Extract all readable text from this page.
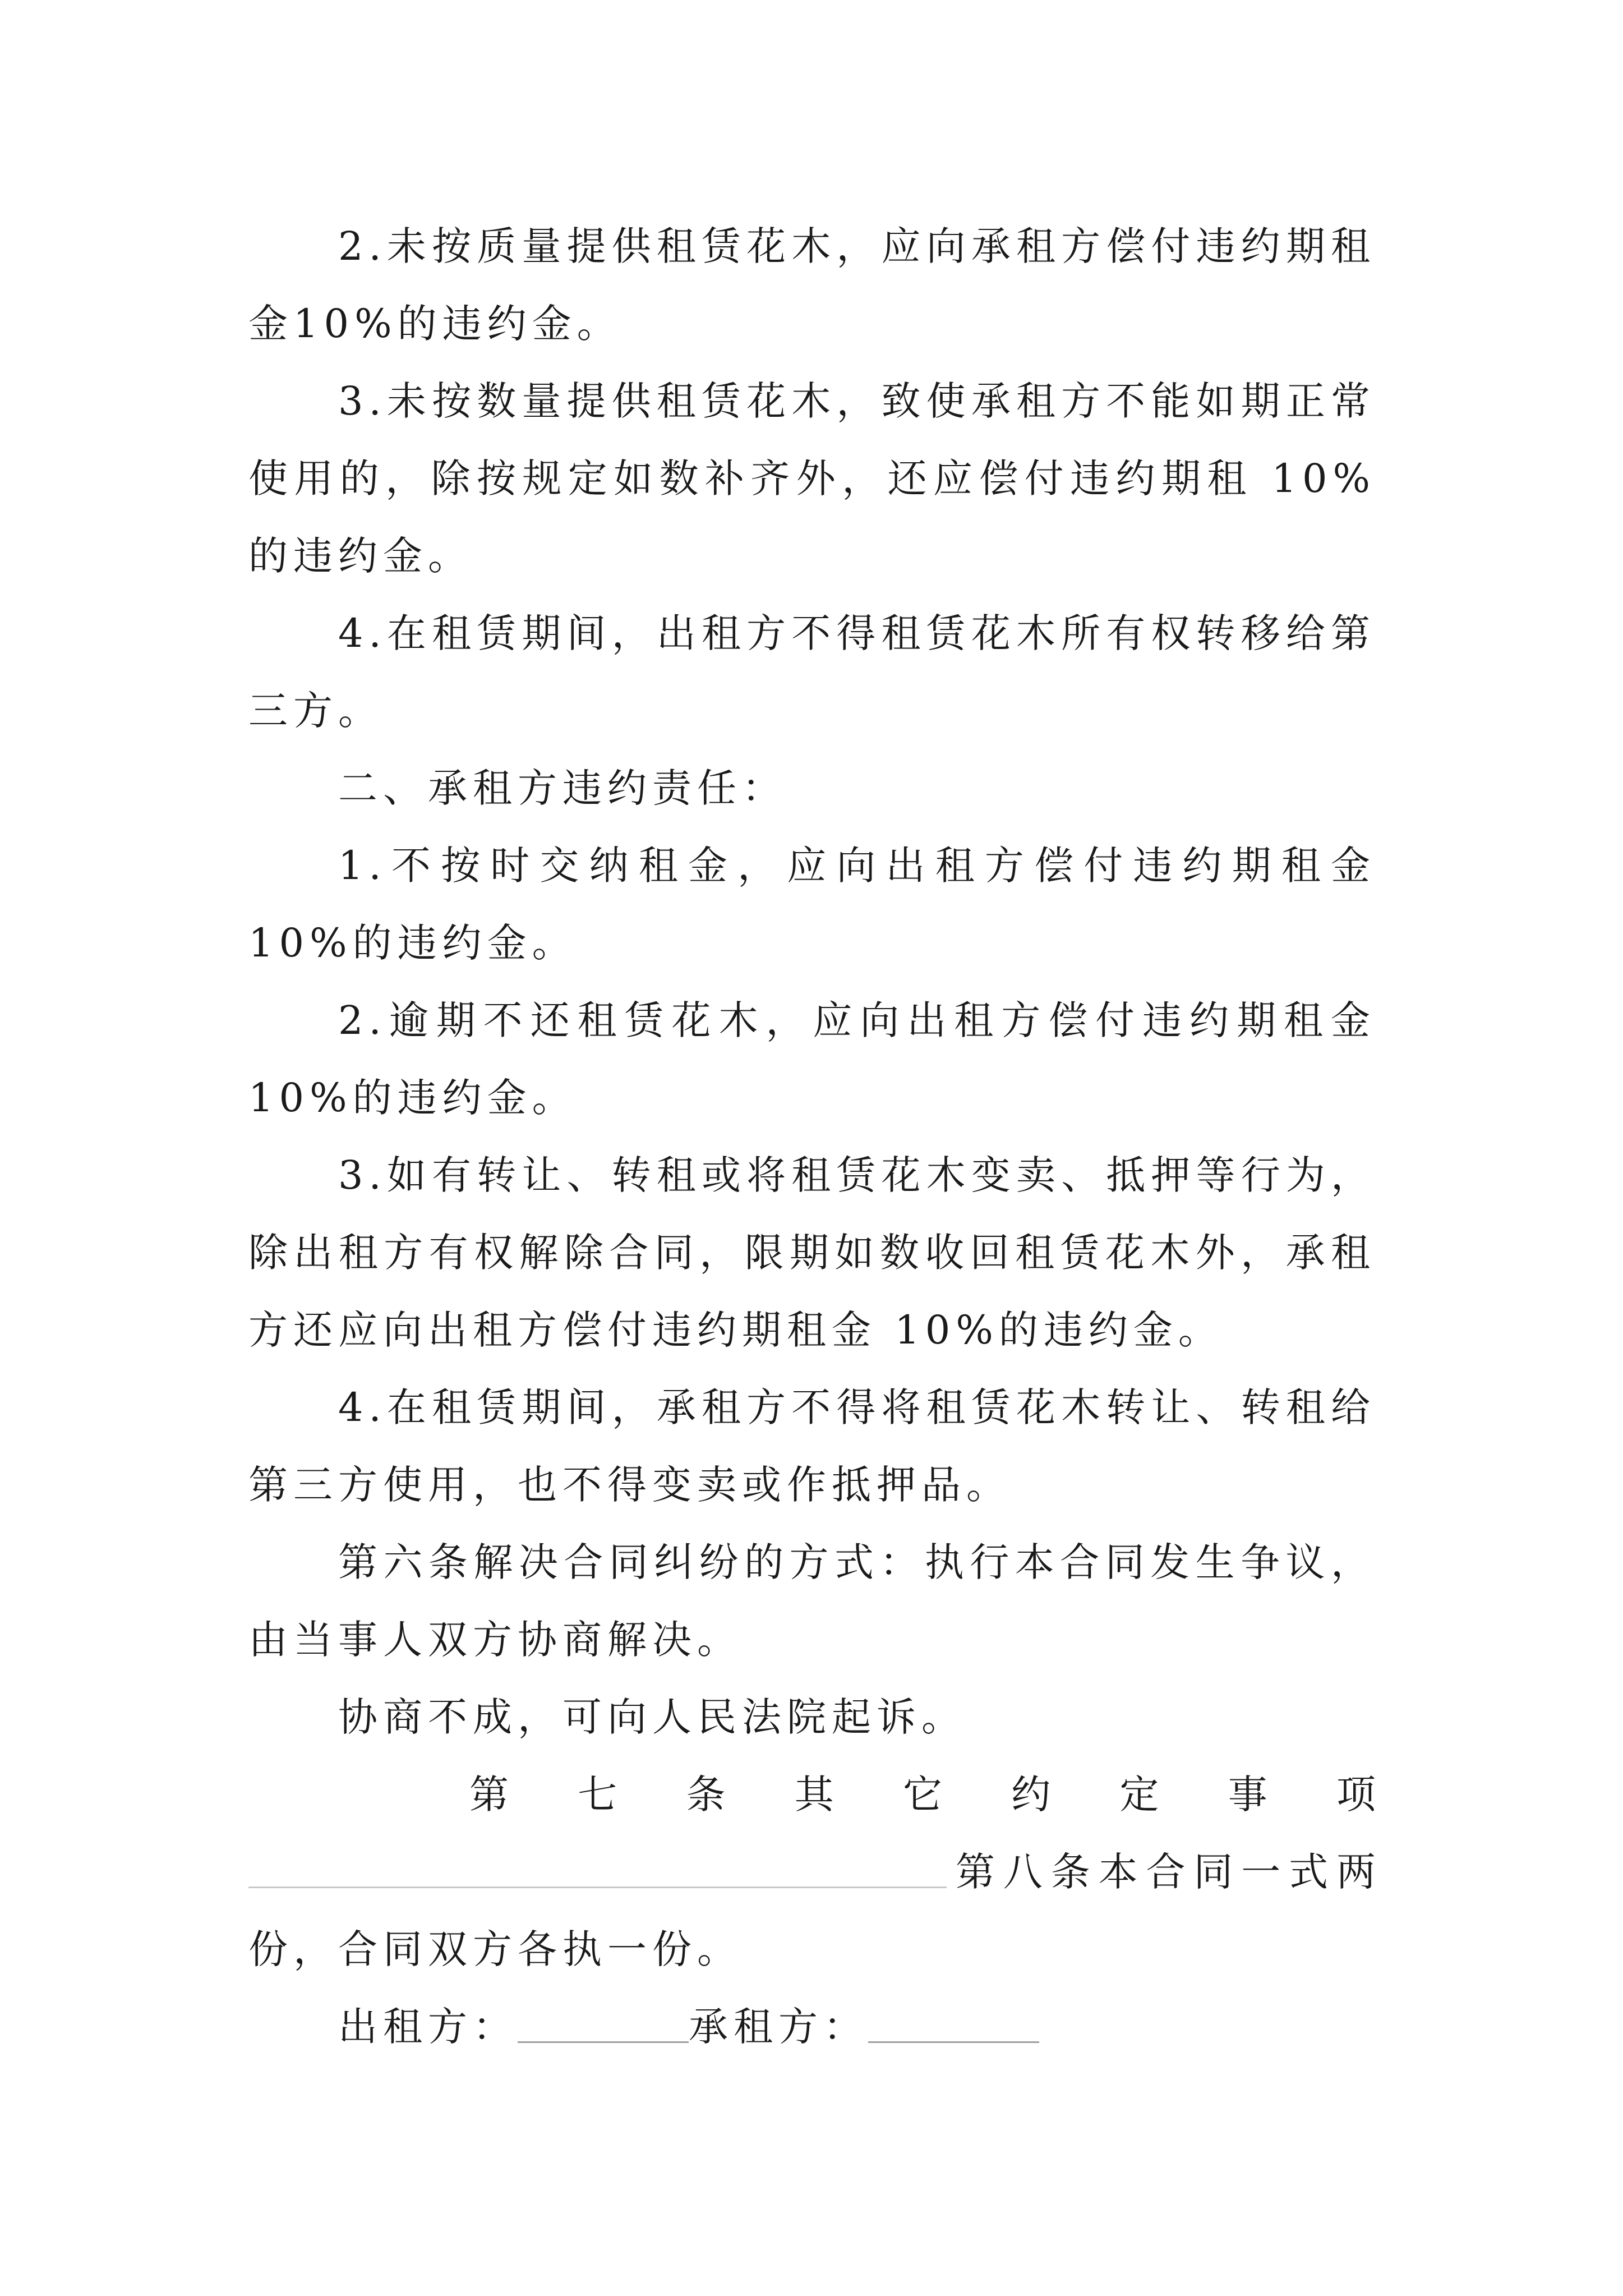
2.未按质量提供租赁花木，应向承租方偿付违约期租金10%的违约金。

3.未按数量提供租赁花木，致使承租方不能如期正常使用的，除按规定如数补齐外，还应偿付违约期租 10%的违约金。

4.在租赁期间，出租方不得租赁花木所有权转移给第三方。

二、承租方违约责任：

1.不按时交纳租金，应向出租方偿付违约期租金 10%的违约金。

2.逾期不还租赁花木，应向出租方偿付违约期租金 10%的违约金。

3.如有转让、转租或将租赁花木变卖、抵押等行为，除出租方有权解除合同，限期如数收回租赁花木外，承租方还应向出租方偿付违约期租金 10%的违约金。

4.在租赁期间，承租方不得将租赁花木转让、转租给第三方使用，也不得变卖或作抵押品。

第六条解决合同纠纷的方式：执行本合同发生争议，由当事人双方协商解决。

协商不成，可向人民法院起诉。

第 七 条 其 它 约 定 事 项
第 八 条 本 合 同 一 式 两

份，合同双方各执一份。

出租方：	承租方：
